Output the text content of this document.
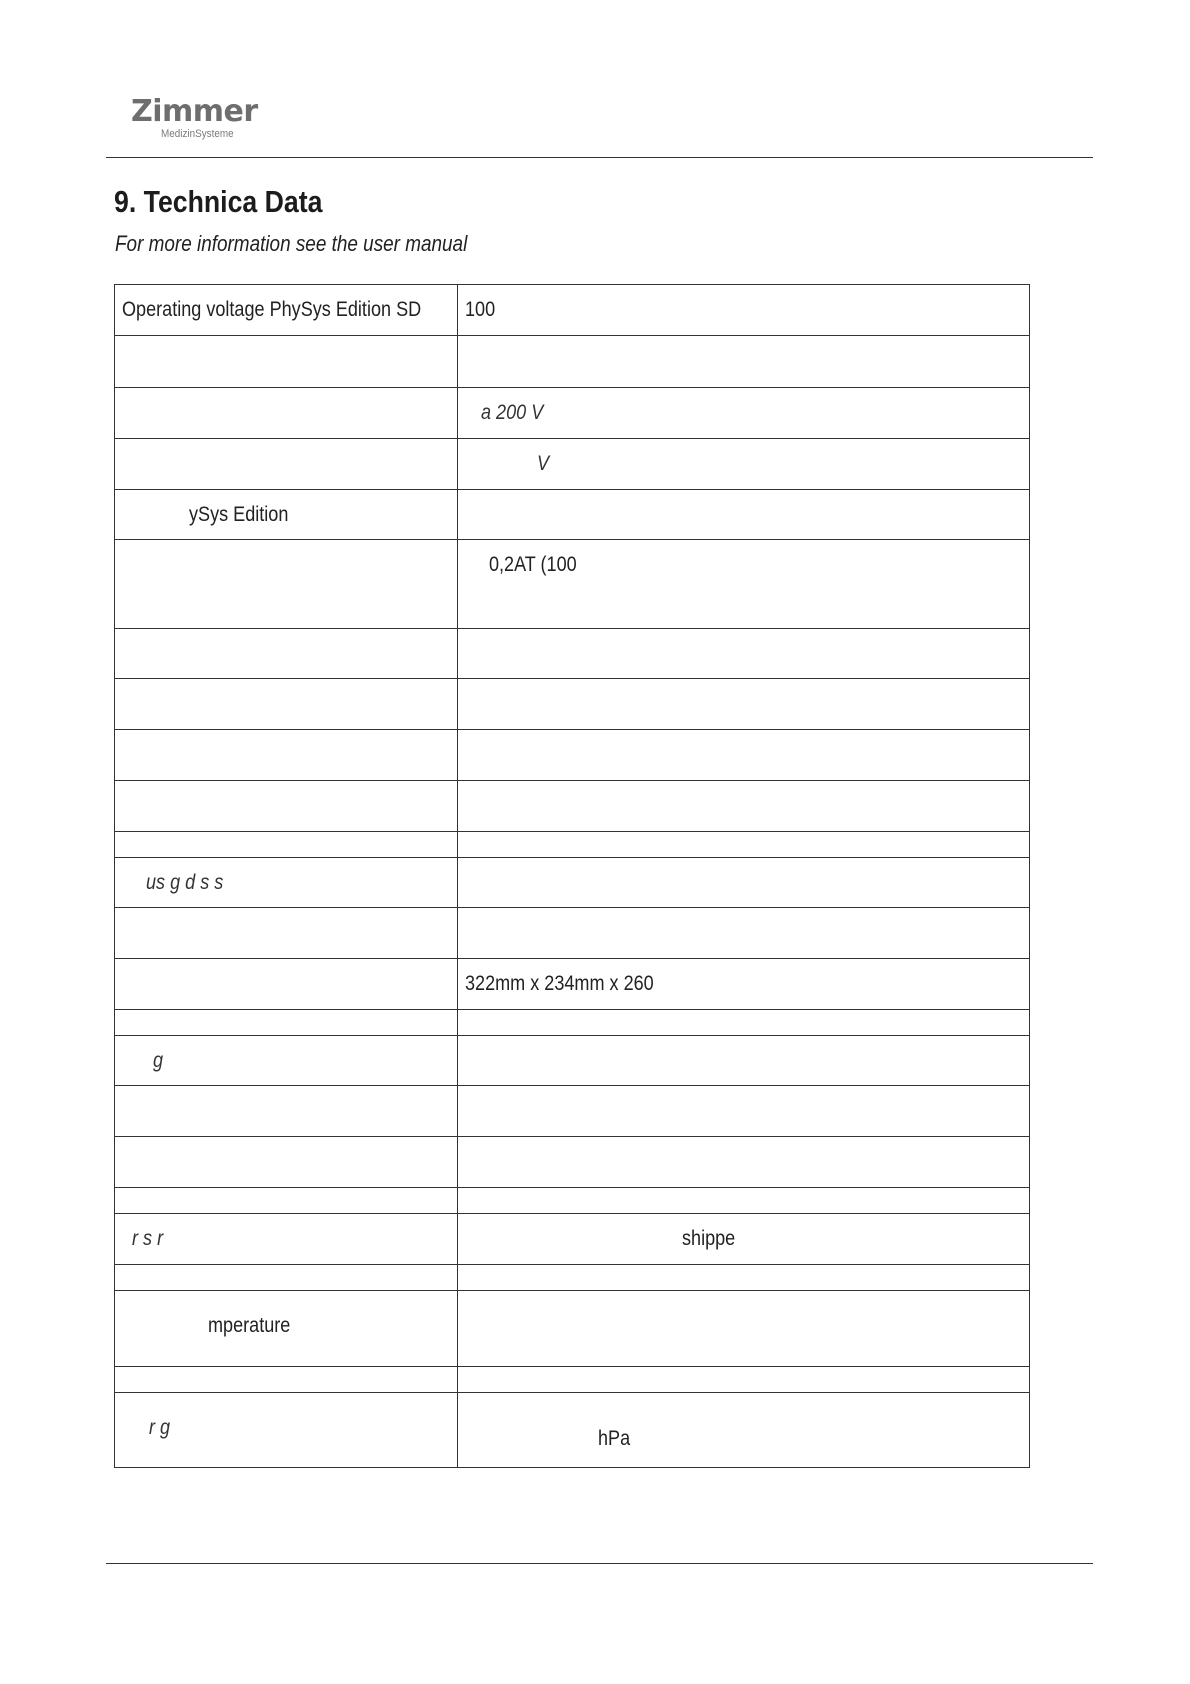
Zimmer
MedizinSysteme
9. Technica Data
For more information see the user manual
Operating voltage PhySys Edition SD	100

	a 200 V

	V

ySys Edition	

	0,2AT (100

us g d s s	

	322mm x 234mm x 260

g	

r s r	shippe

mperature	

r g	hPa
